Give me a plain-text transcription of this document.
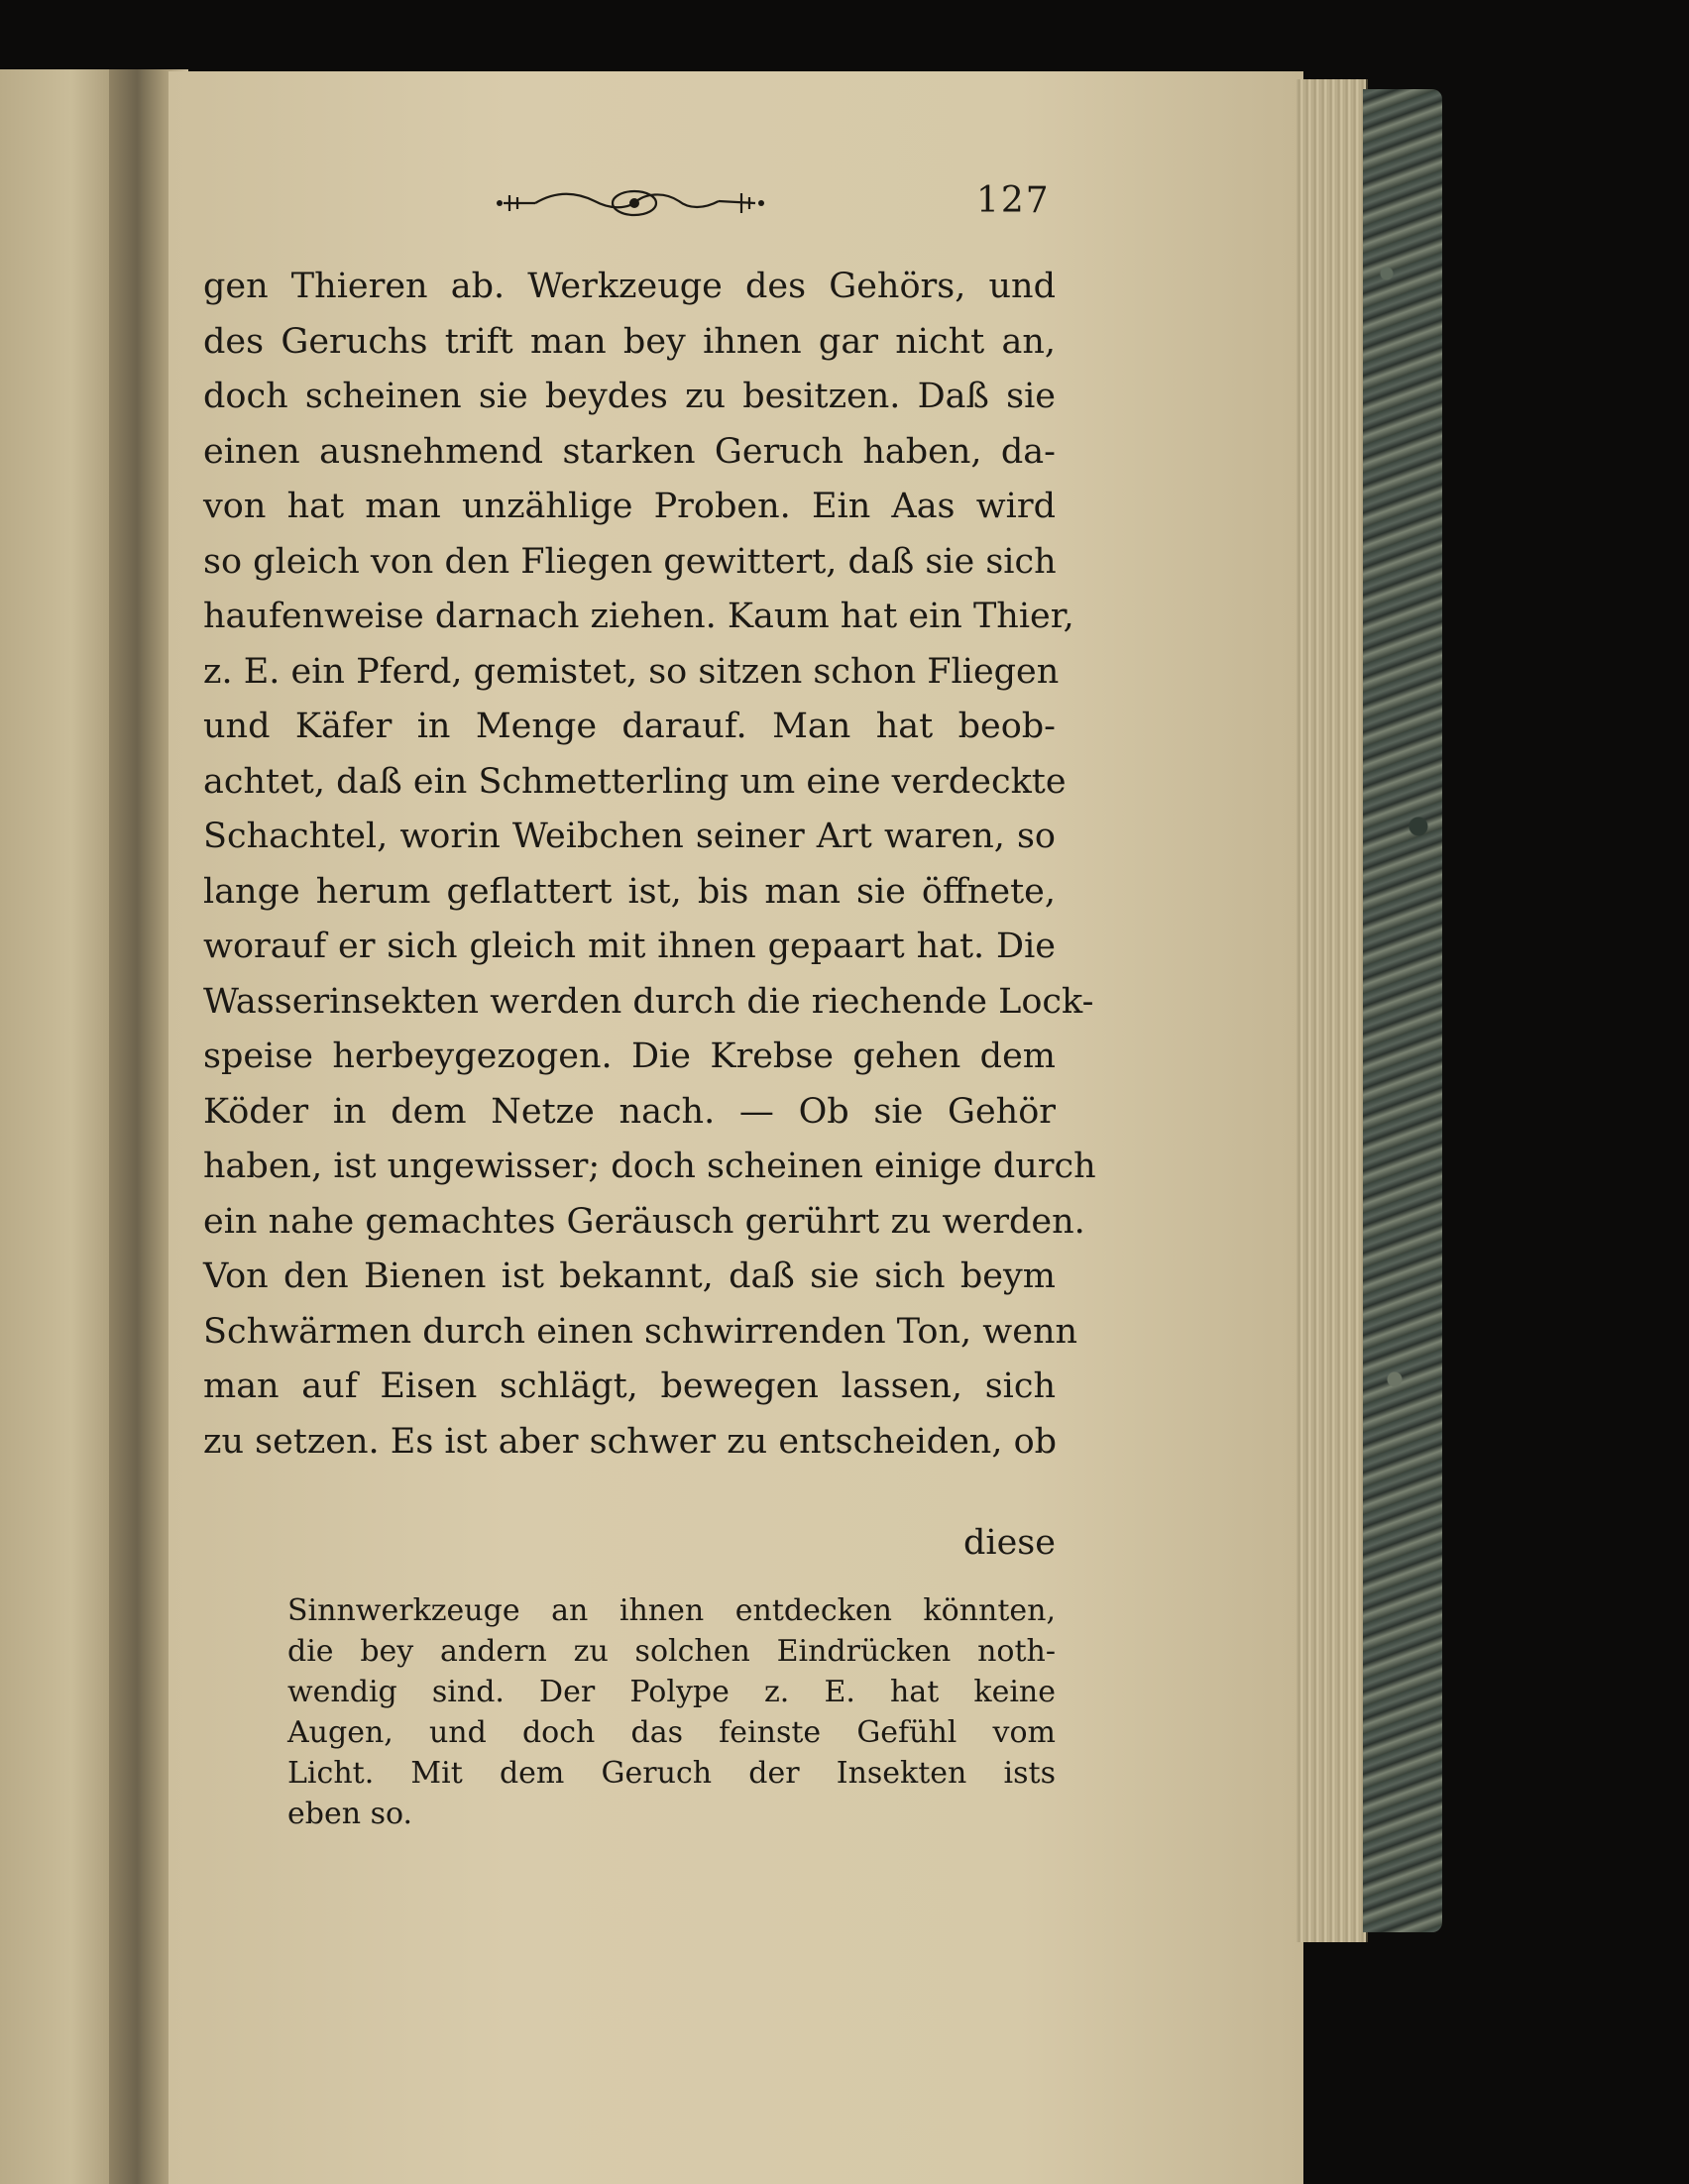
127
gen Thieren ab. Werkzeuge des Gehörs, und
des Geruchs trift man bey ihnen gar nicht an,
doch scheinen sie beydes zu besitzen. Daß sie
einen ausnehmend starken Geruch haben, da-
von hat man unzählige Proben. Ein Aas wird
so gleich von den Fliegen gewittert, daß sie sich
haufenweise darnach ziehen. Kaum hat ein Thier,
z. E. ein Pferd, gemistet, so sitzen schon Fliegen
und Käfer in Menge darauf. Man hat beob-
achtet, daß ein Schmetterling um eine verdeckte
Schachtel, worin Weibchen seiner Art waren, so
lange herum geflattert ist, bis man sie öffnete,
worauf er sich gleich mit ihnen gepaart hat. Die
Wasserinsekten werden durch die riechende Lock-
speise herbeygezogen. Die Krebse gehen dem
Köder in dem Netze nach. — Ob sie Gehör
haben, ist ungewisser; doch scheinen einige durch
ein nahe gemachtes Geräusch gerührt zu werden.
Von den Bienen ist bekannt, daß sie sich beym
Schwärmen durch einen schwirrenden Ton, wenn
man auf Eisen schlägt, bewegen lassen, sich
zu setzen. Es ist aber schwer zu entscheiden, ob
diese
Sinnwerkzeuge an ihnen entdecken könnten,
die bey andern zu solchen Eindrücken noth-
wendig sind. Der Polype z. E. hat keine
Augen, und doch das feinste Gefühl vom
Licht. Mit dem Geruch der Insekten ists
eben so.
